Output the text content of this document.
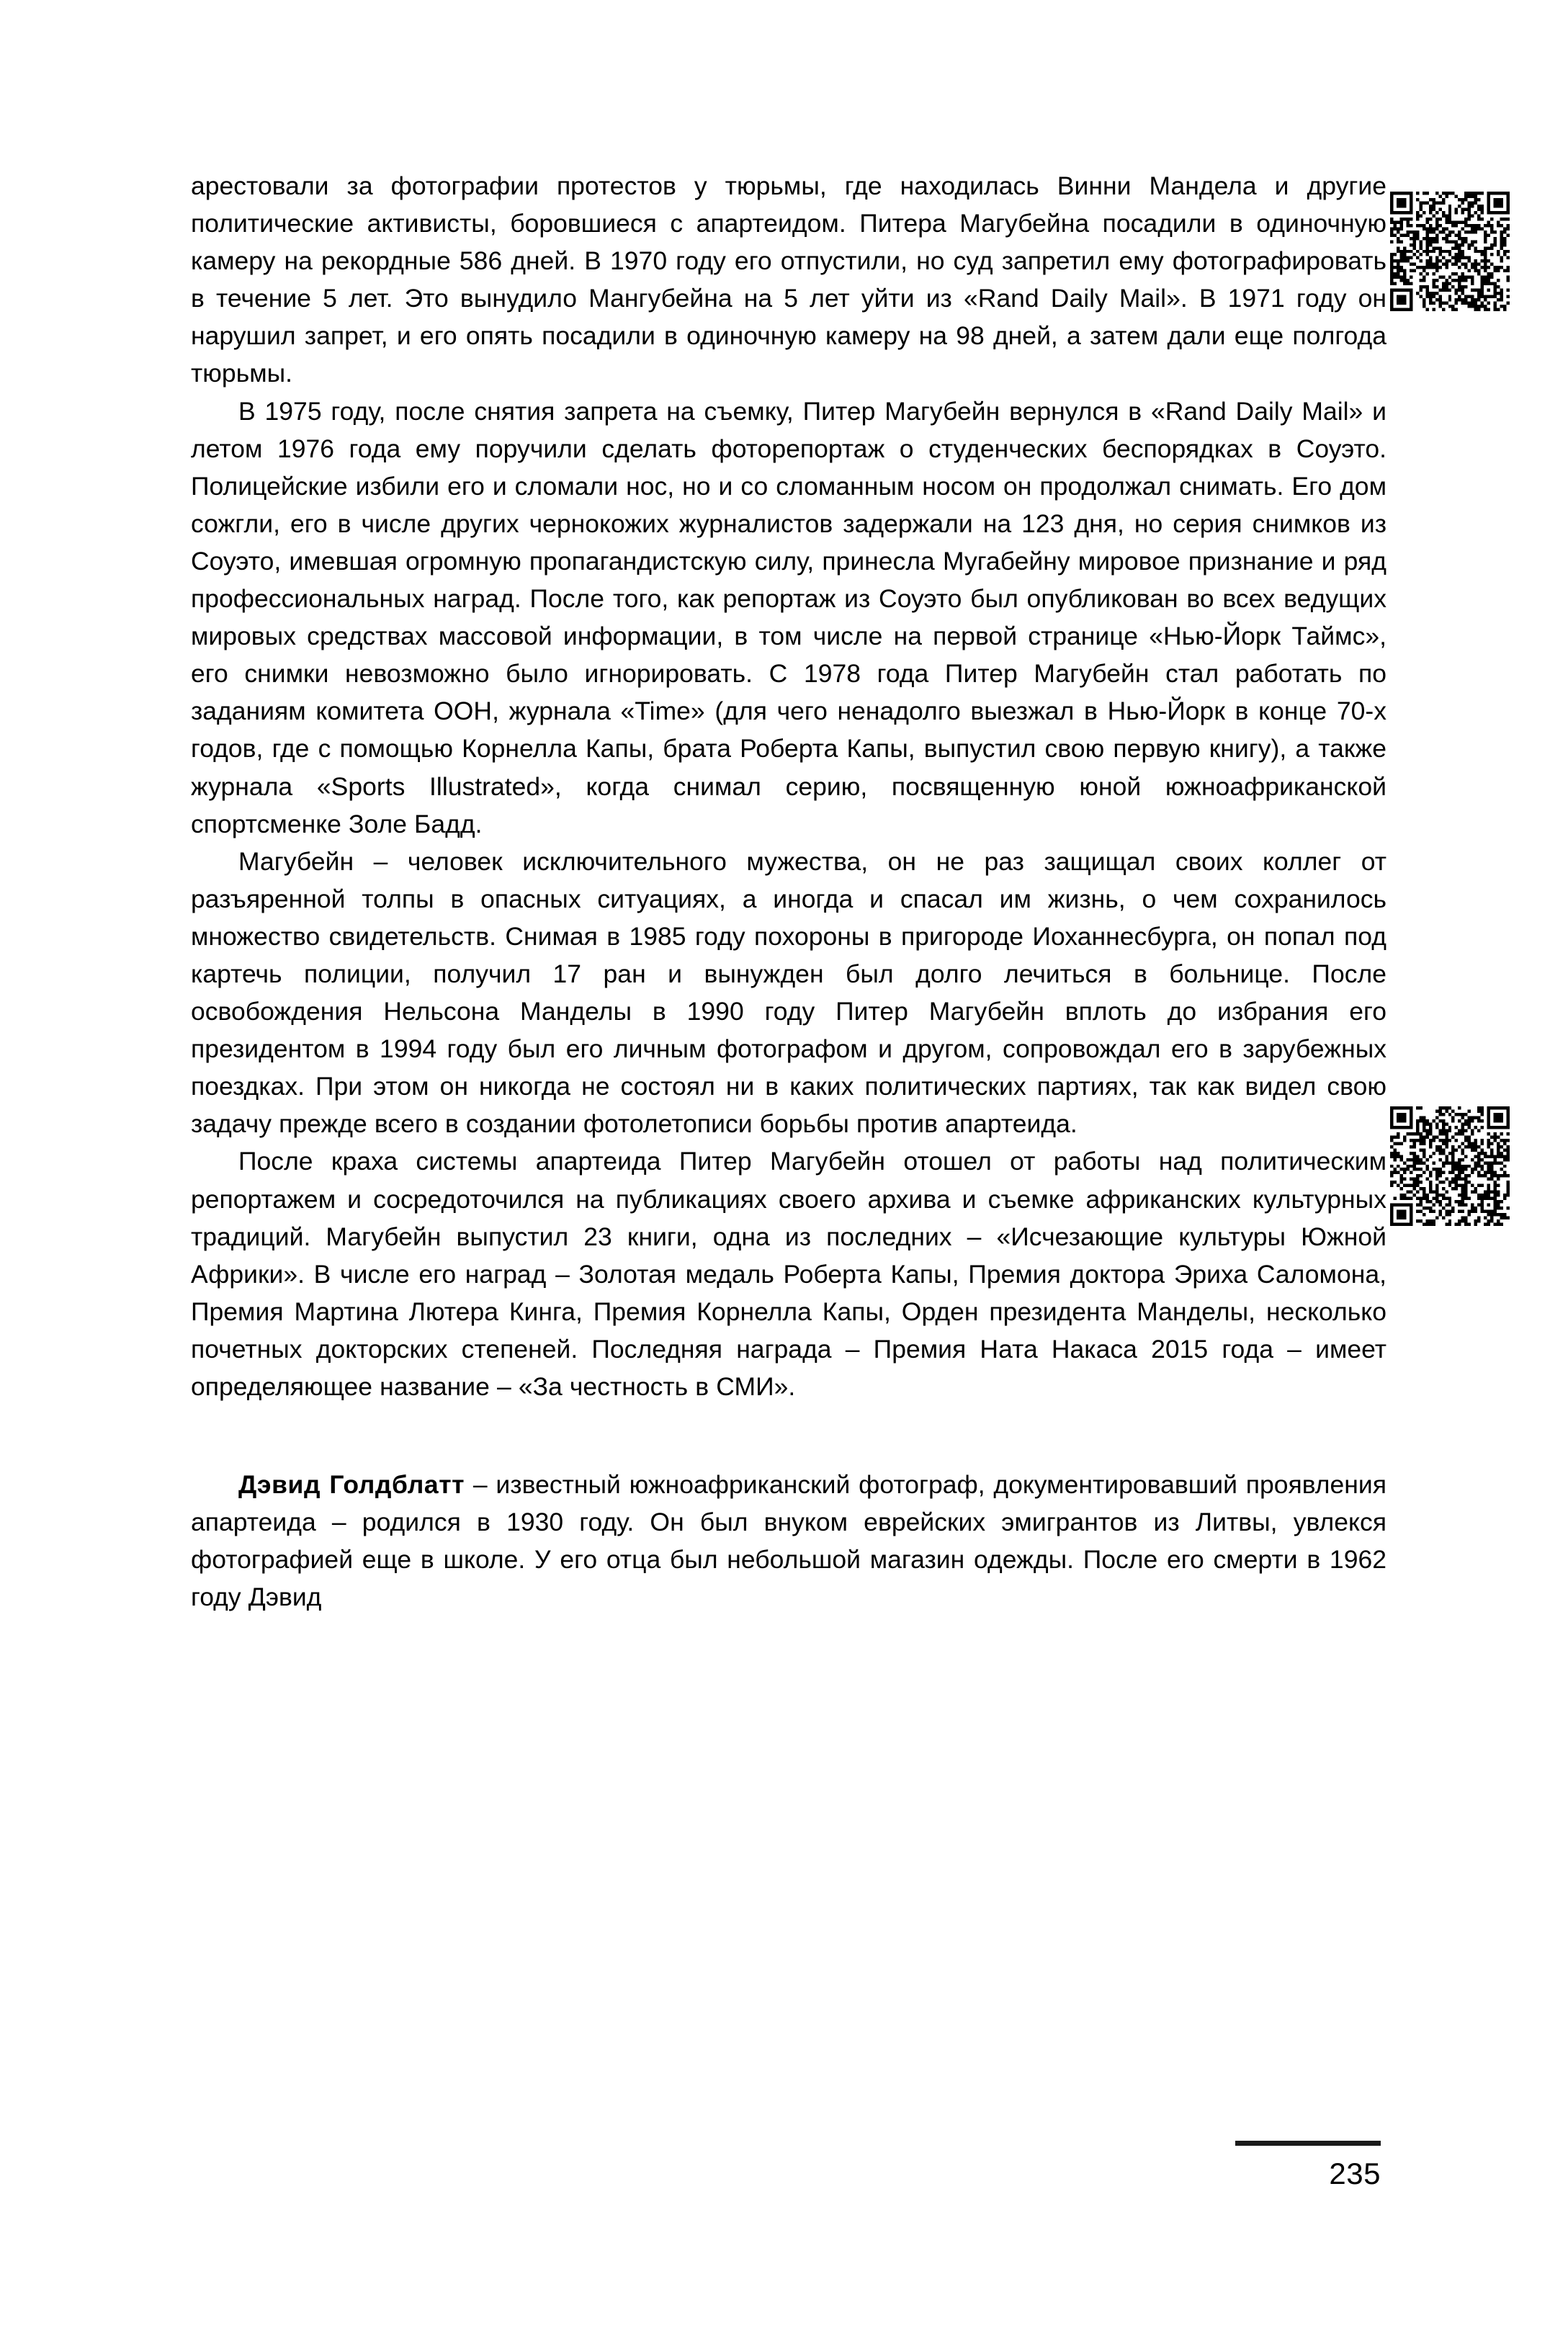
арестовали за фотографии протестов у тюрьмы, где находилась Винни Мандела и другие политические активисты, боровшиеся с апартеидом. Питера Магубейна посадили в одиночную камеру на рекордные 586 дней. В 1970 году его отпустили, но суд запретил ему фотографировать в течение 5 лет. Это вынудило Мангубейна на 5 лет уйти из «Rand Daily Mail». В 1971 году он нарушил запрет, и его опять посадили в одиночную камеру на 98 дней, а затем дали еще полгода тюрьмы.

В 1975 году, после снятия запрета на съемку, Питер Магубейн вернулся в «Rand Daily Mail» и летом 1976 года ему поручили сделать фоторепортаж о студенческих беспорядках в Соуэто. Полицейские избили его и сломали нос, но и со сломанным носом он продолжал снимать. Его дом сожгли, его в числе других чернокожих журналистов задержали на 123 дня, но серия снимков из Соуэто, имевшая огромную пропагандистскую силу, принесла Мугабейну мировое признание и ряд профессиональных наград. После того, как репортаж из Соуэто был опубликован во всех ведущих мировых средствах массовой информации, в том числе на первой странице «Нью-Йорк Таймс», его снимки невозможно было игнорировать. С 1978 года Питер Магубейн стал работать по заданиям комитета ООН, журнала «Time» (для чего ненадолго выезжал в Нью-Йорк в конце 70-х годов, где с помощью Корнелла Капы, брата Роберта Капы, выпустил свою первую книгу), а также журнала «Sports Illustrated», когда снимал серию, посвященную юной южноафриканской спортсменке Золе Бадд.

Магубейн – человек исключительного мужества, он не раз защищал своих коллег от разъяренной толпы в опасных ситуациях, а иногда и спасал им жизнь, о чем сохранилось множество свидетельств. Снимая в 1985 году похороны в пригороде Иоханнесбурга, он попал под картечь полиции, получил 17 ран и вынужден был долго лечиться в больнице. После освобождения Нельсона Манделы в 1990 году Питер Магубейн вплоть до избрания его президентом в 1994 году был его личным фотографом и другом, сопровождал его в зарубежных поездках. При этом он никогда не состоял ни в каких политических партиях, так как видел свою задачу прежде всего в создании фотолетописи борьбы против апартеида.

После краха системы апартеида Питер Магубейн отошел от работы над политическим репортажем и сосредоточился на публикациях своего архива и съемке африканских культурных традиций. Магубейн выпустил 23 книги, одна из последних – «Исчезающие культуры Южной Африки». В числе его наград – Золотая медаль Роберта Капы, Премия доктора Эриха Саломона, Премия Мартина Лютера Кинга, Премия Корнелла Капы, Орден президента Манделы, несколько почетных докторских степеней. Последняя награда – Премия Ната Накаса 2015 года – имеет определяющее название – «За честность в СМИ».

Дэвид Голдблатт – известный южноафриканский фотограф, документировавший проявления апартеида – родился в 1930 году. Он был внуком еврейских эмигрантов из Литвы, увлекся фотографией еще в школе. У его отца был небольшой магазин одежды. После его смерти в 1962 году Дэвид

235
